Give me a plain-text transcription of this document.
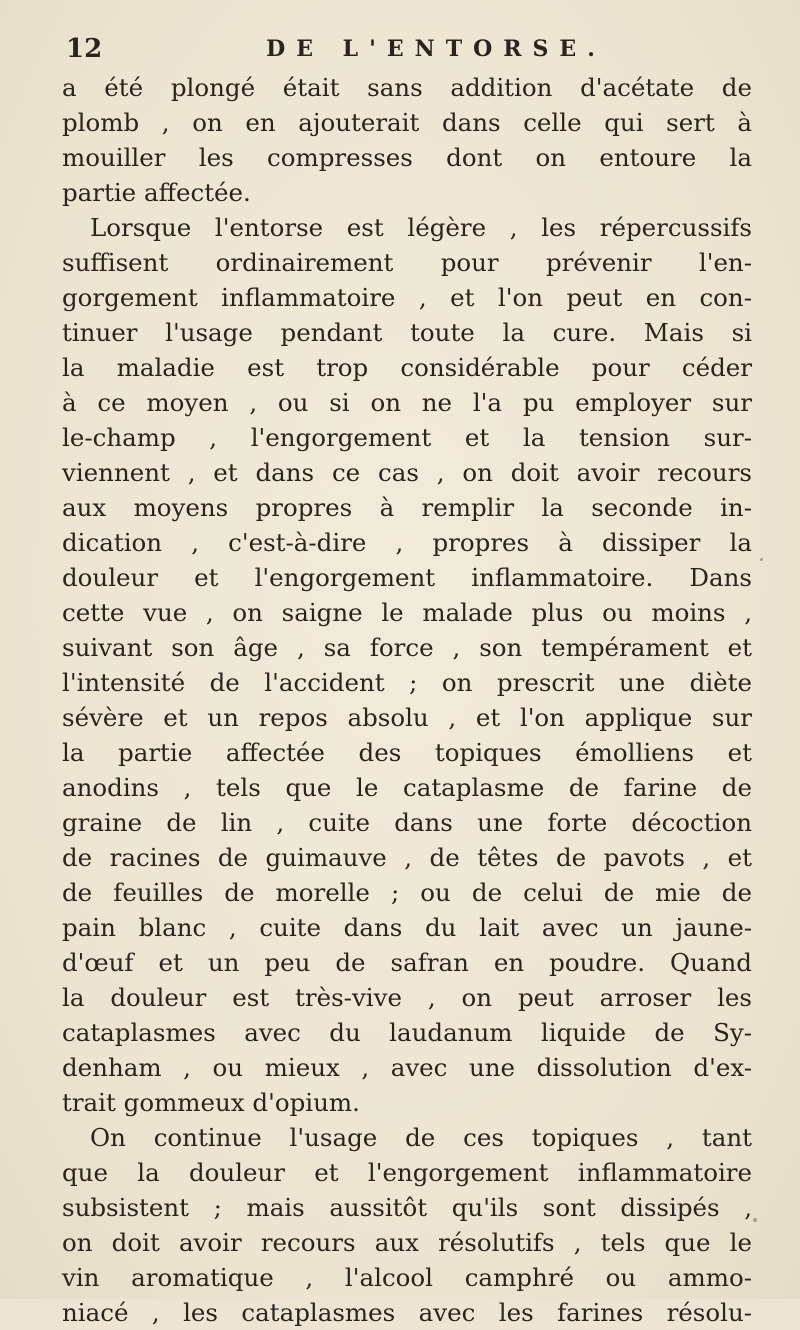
12	DE L'ENTORSE.
a été plongé était sans addition d'acétate de
plomb , on en ajouterait dans celle qui sert à
mouiller les compresses dont on entoure la
partie affectée.
Lorsque l'entorse est légère , les répercussifs
suffisent ordinairement pour prévenir l'en-
gorgement inflammatoire , et l'on peut en con-
tinuer l'usage pendant toute la cure. Mais si
la maladie est trop considérable pour céder
à ce moyen , ou si on ne l'a pu employer sur
le-champ , l'engorgement et la tension sur-
viennent , et dans ce cas , on doit avoir recours
aux moyens propres à remplir la seconde in-
dication , c'est-à-dire , propres à dissiper la
douleur et l'engorgement inflammatoire. Dans
cette vue , on saigne le malade plus ou moins ,
suivant son âge , sa force , son tempérament et
l'intensité de l'accident ; on prescrit une diète
sévère et un repos absolu , et l'on applique sur
la partie affectée des topiques émolliens et
anodins , tels que le cataplasme de farine de
graine de lin , cuite dans une forte décoction
de racines de guimauve , de têtes de pavots , et
de feuilles de morelle ; ou de celui de mie de
pain blanc , cuite dans du lait avec un jaune-
d'œuf et un peu de safran en poudre. Quand
la douleur est très-vive , on peut arroser les
cataplasmes avec du laudanum liquide de Sy-
denham , ou mieux , avec une dissolution d'ex-
trait gommeux d'opium.
On continue l'usage de ces topiques , tant
que la douleur et l'engorgement inflammatoire
subsistent ; mais aussitôt qu'ils sont dissipés ,
on doit avoir recours aux résolutifs , tels que le
vin aromatique , l'alcool camphré ou ammo-
niacé , les cataplasmes avec les farines résolu-
